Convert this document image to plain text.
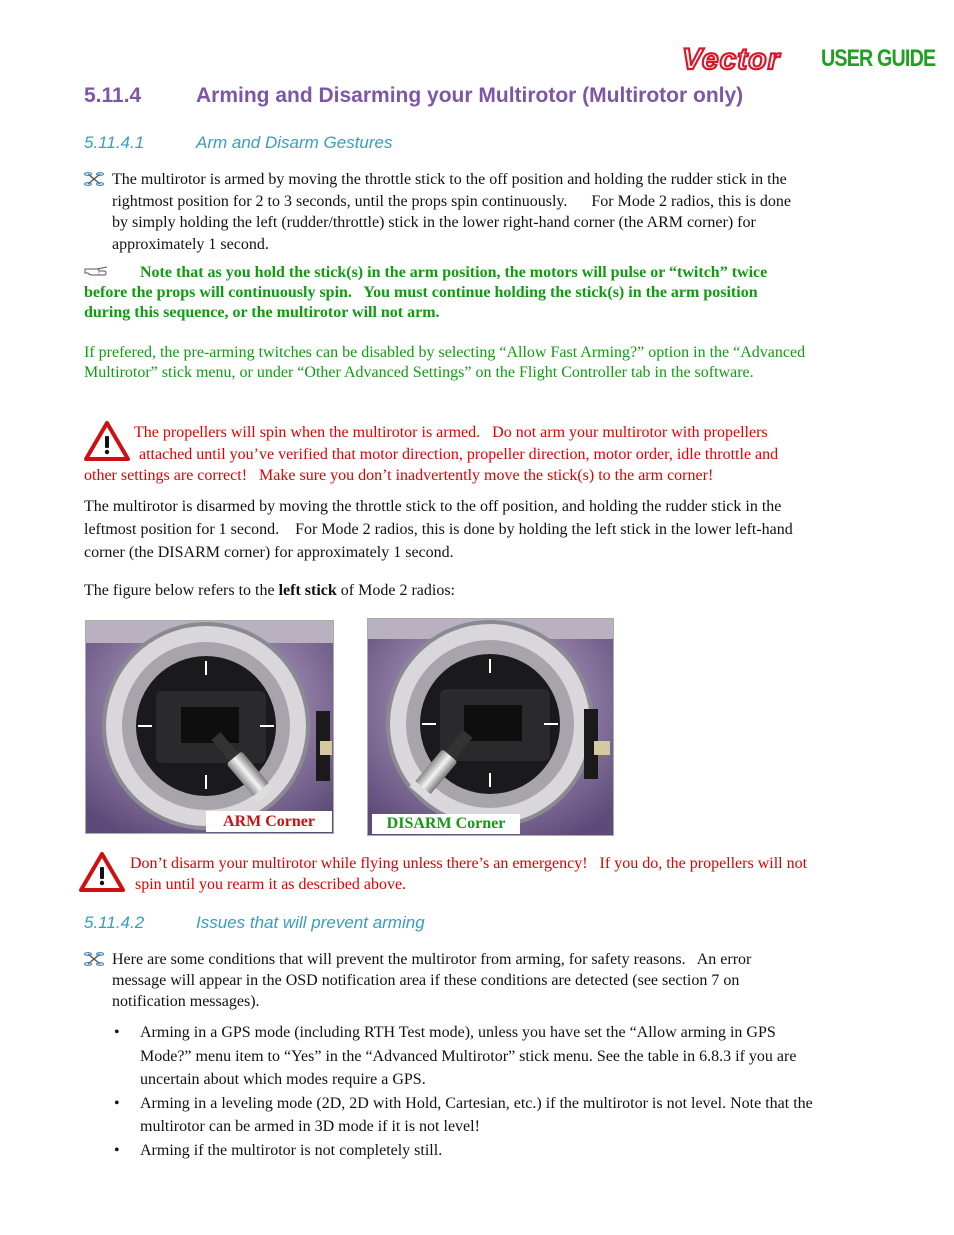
Vector USER GUIDE
5.11.4	Arming and Disarming your Multirotor (Multirotor only)
5.11.4.1	Arm and Disarm Gestures
The multirotor is armed by moving the throttle stick to the off position and holding the rudder stick in the
rightmost position for 2 to 3 seconds, until the props spin continuously.      For Mode 2 radios, this is done
by simply holding the left (rudder/throttle) stick in the lower right-hand corner (the ARM corner) for
approximately 1 second.
Note that as you hold the stick(s) in the arm position, the motors will pulse or “twitch” twice
before the props will continuously spin.   You must continue holding the stick(s) in the arm position
during this sequence, or the multirotor will not arm.
If prefered, the pre-arming twitches can be disabled by selecting “Allow Fast Arming?” option in the “Advanced
Multirotor” stick menu, or under “Other Advanced Settings” on the Flight Controller tab in the software.
The propellers will spin when the multirotor is armed.   Do not arm your multirotor with propellers
attached until you’ve verified that motor direction, propeller direction, motor order, idle throttle and
other settings are correct!   Make sure you don’t inadvertently move the stick(s) to the arm corner!
The multirotor is disarmed by moving the throttle stick to the off position, and holding the rudder stick in the
leftmost position for 1 second.    For Mode 2 radios, this is done by holding the left stick in the lower left-hand
corner (the DISARM corner) for approximately 1 second.
The figure below refers to the left stick of Mode 2 radios:
ARM Corner	DISARM Corner
Don’t disarm your multirotor while flying unless there’s an emergency!   If you do, the propellers will not
spin until you rearm it as described above.
5.11.4.2	Issues that will prevent arming
Here are some conditions that will prevent the multirotor from arming, for safety reasons.   An error
message will appear in the OSD notification area if these conditions are detected (see section 7 on
notification messages).
• Arming in a GPS mode (including RTH Test mode), unless you have set the “Allow arming in GPS
Mode?” menu item to “Yes” in the “Advanced Multirotor” stick menu. See the table in 6.8.3 if you are
uncertain about which modes require a GPS.
• Arming in a leveling mode (2D, 2D with Hold, Cartesian, etc.) if the multirotor is not level. Note that the
multirotor can be armed in 3D mode if it is not level!
• Arming if the multirotor is not completely still.
